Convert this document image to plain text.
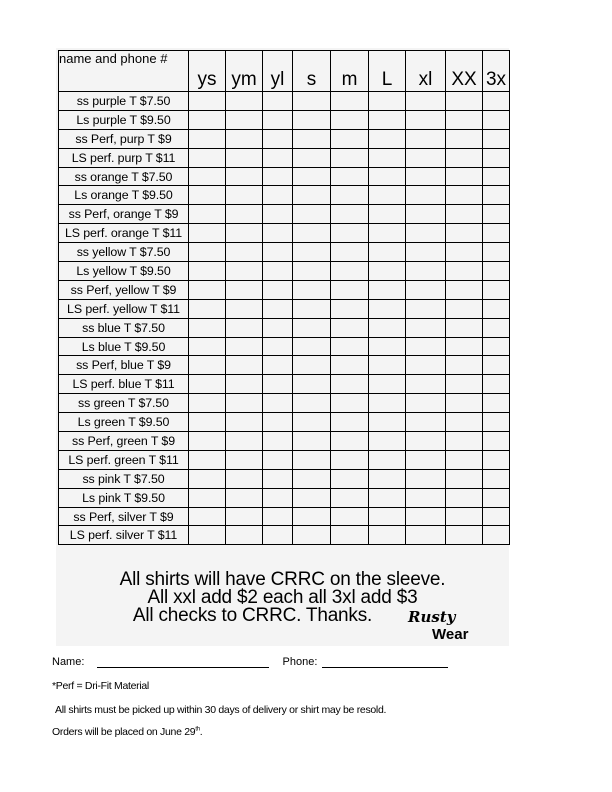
name and phone #	ys	ym	yl	s	m	L	xl	XX	3x
ss purple T $7.50									
Ls purple T $9.50									
ss Perf, purp T $9									
LS perf. purp T $11									
ss orange T $7.50									
Ls orange T $9.50									
ss Perf, orange T $9									
LS perf. orange T $11									
ss yellow T $7.50									
Ls yellow T $9.50									
ss Perf, yellow T $9									
LS perf. yellow T $11									
ss blue T $7.50									
Ls blue T $9.50									
ss Perf, blue T $9									
LS perf. blue T $11									
ss green T $7.50									
Ls green T $9.50									
ss Perf, green T $9									
LS perf. green T $11									
ss pink T $7.50									
Ls pink T $9.50									
ss Perf, silver T $9									
LS perf. silver T $11									
All shirts will have CRRC on the sleeve.
All xxl add $2 each all 3xl add $3
All checks to CRRC. Thanks.	Rusty
Wear
Name:	Phone:
*Perf = Dri-Fit Material
All shirts must be picked up within 30 days of delivery or shirt may be resold.
Orders will be placed on June 29th.
